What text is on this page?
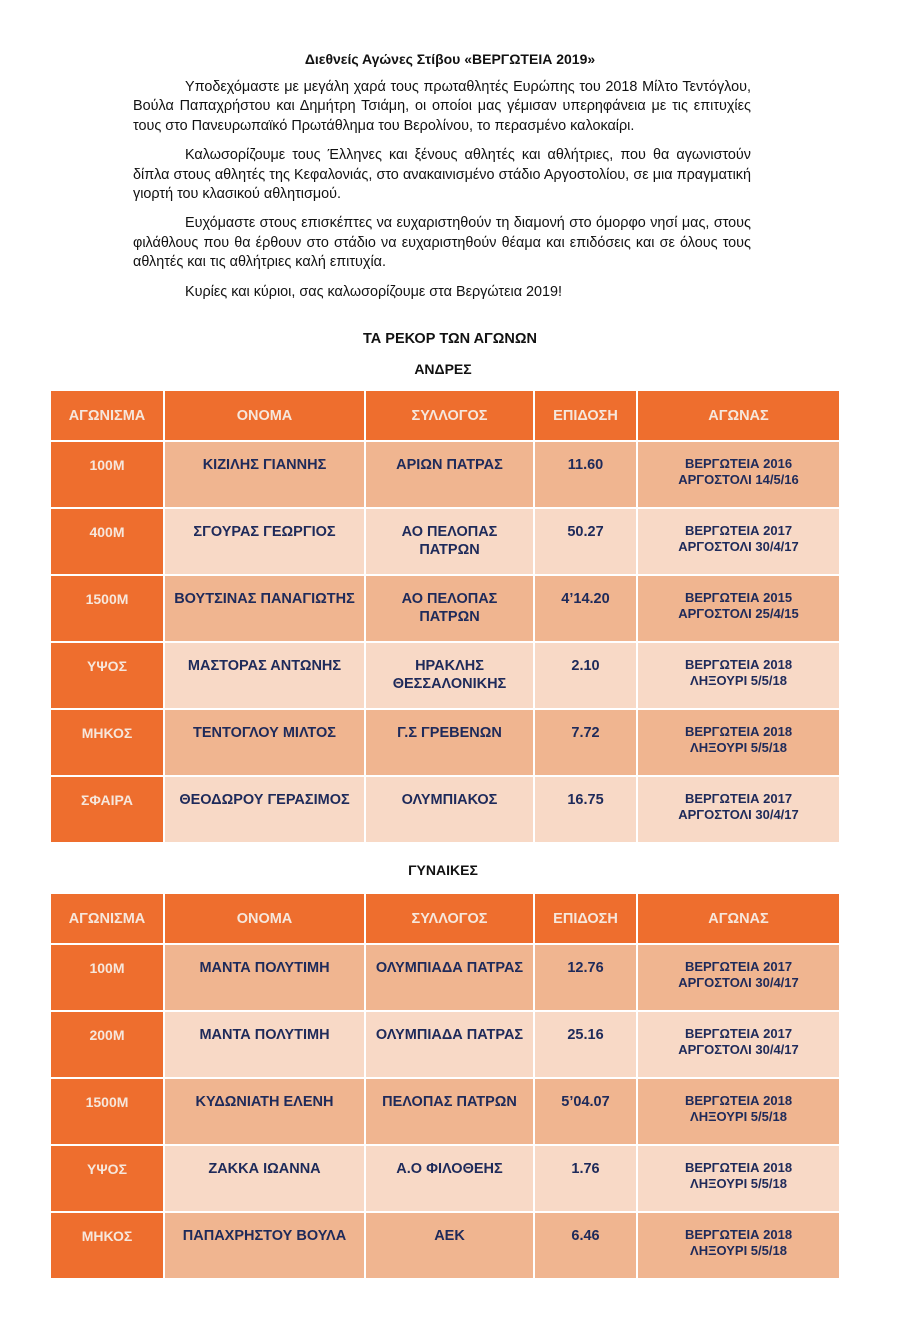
Διεθνείς Αγώνες Στίβου «ΒΕΡΓΩΤΕΙΑ 2019»

Υποδεχόμαστε με μεγάλη χαρά τους πρωταθλητές Ευρώπης του 2018 Μίλτο Τεντόγλου, Βούλα Παπαχρήστου και Δημήτρη Τσιάμη, οι οποίοι μας γέμισαν υπερηφάνεια με τις επιτυχίες τους στο Πανευρωπαϊκό Πρωτάθλημα του Βερολίνου, το περασμένο καλοκαίρι.

Καλωσορίζουμε τους Έλληνες και ξένους αθλητές και αθλήτριες, που θα αγωνιστούν δίπλα στους αθλητές της Κεφαλονιάς, στο ανακαινισμένο στάδιο Αργοστολίου, σε μια πραγματική γιορτή του κλασικού αθλητισμού.

Ευχόμαστε στους επισκέπτες να ευχαριστηθούν τη διαμονή στο όμορφο νησί μας, στους φιλάθλους που θα έρθουν στο στάδιο να ευχαριστηθούν θέαμα και επιδόσεις και σε όλους τους αθλητές και τις αθλήτριες καλή επιτυχία.

Κυρίες και κύριοι, σας καλωσορίζουμε στα Βεργώτεια 2019!

ΤΑ ΡΕΚΟΡ ΤΩΝ ΑΓΩΝΩΝ
ΑΝΔΡΕΣ
ΑΓΩΝΙΣΜΑ	ΟΝΟΜΑ	ΣΥΛΛΟΓΟΣ	ΕΠΙΔΟΣΗ	ΑΓΩΝΑΣ
100Μ	ΚΙΖΙΛΗΣ ΓΙΑΝΝΗΣ	ΑΡΙΩΝ ΠΑΤΡΑΣ	11.60	ΒΕΡΓΩΤΕΙΑ 2016
ΑΡΓΟΣΤΟΛΙ 14/5/16
400Μ	ΣΓΟΥΡΑΣ ΓΕΩΡΓΙΟΣ	ΑΟ ΠΕΛΟΠΑΣ ΠΑΤΡΩΝ	50.27	ΒΕΡΓΩΤΕΙΑ 2017
ΑΡΓΟΣΤΟΛΙ 30/4/17
1500Μ	ΒΟΥΤΣΙΝΑΣ ΠΑΝΑΓΙΩΤΗΣ	ΑΟ ΠΕΛΟΠΑΣ ΠΑΤΡΩΝ	4’14.20	ΒΕΡΓΩΤΕΙΑ 2015
ΑΡΓΟΣΤΟΛΙ 25/4/15
ΥΨΟΣ	ΜΑΣΤΟΡΑΣ ΑΝΤΩΝΗΣ	ΗΡΑΚΛΗΣ ΘΕΣΣΑΛΟΝΙΚΗΣ	2.10	ΒΕΡΓΩΤΕΙΑ 2018
ΛΗΞΟΥΡΙ 5/5/18
ΜΗΚΟΣ	ΤΕΝΤΟΓΛΟΥ ΜΙΛΤΟΣ	Γ.Σ ΓΡΕΒΕΝΩΝ	7.72	ΒΕΡΓΩΤΕΙΑ 2018
ΛΗΞΟΥΡΙ 5/5/18
ΣΦΑΙΡΑ	ΘΕΟΔΩΡΟΥ ΓΕΡΑΣΙΜΟΣ	ΟΛΥΜΠΙΑΚΟΣ	16.75	ΒΕΡΓΩΤΕΙΑ 2017
ΑΡΓΟΣΤΟΛΙ 30/4/17
ΓΥΝΑΙΚΕΣ
ΑΓΩΝΙΣΜΑ	ΟΝΟΜΑ	ΣΥΛΛΟΓΟΣ	ΕΠΙΔΟΣΗ	ΑΓΩΝΑΣ
100Μ	ΜΑΝΤΑ ΠΟΛΥΤΙΜΗ	ΟΛΥΜΠΙΑΔΑ ΠΑΤΡΑΣ	12.76	ΒΕΡΓΩΤΕΙΑ 2017
ΑΡΓΟΣΤΟΛΙ 30/4/17
200Μ	ΜΑΝΤΑ ΠΟΛΥΤΙΜΗ	ΟΛΥΜΠΙΑΔΑ ΠΑΤΡΑΣ	25.16	ΒΕΡΓΩΤΕΙΑ 2017
ΑΡΓΟΣΤΟΛΙ 30/4/17
1500Μ	ΚΥΔΩΝΙΑΤΗ ΕΛΕΝΗ	ΠΕΛΟΠΑΣ ΠΑΤΡΩΝ	5’04.07	ΒΕΡΓΩΤΕΙΑ 2018
ΛΗΞΟΥΡΙ 5/5/18
ΥΨΟΣ	ΖΑΚΚΑ ΙΩΑΝΝΑ	Α.Ο ΦΙΛΟΘΕΗΣ	1.76	ΒΕΡΓΩΤΕΙΑ 2018
ΛΗΞΟΥΡΙ 5/5/18
ΜΗΚΟΣ	ΠΑΠΑΧΡΗΣΤΟΥ ΒΟΥΛΑ	ΑΕΚ	6.46	ΒΕΡΓΩΤΕΙΑ 2018
ΛΗΞΟΥΡΙ 5/5/18
